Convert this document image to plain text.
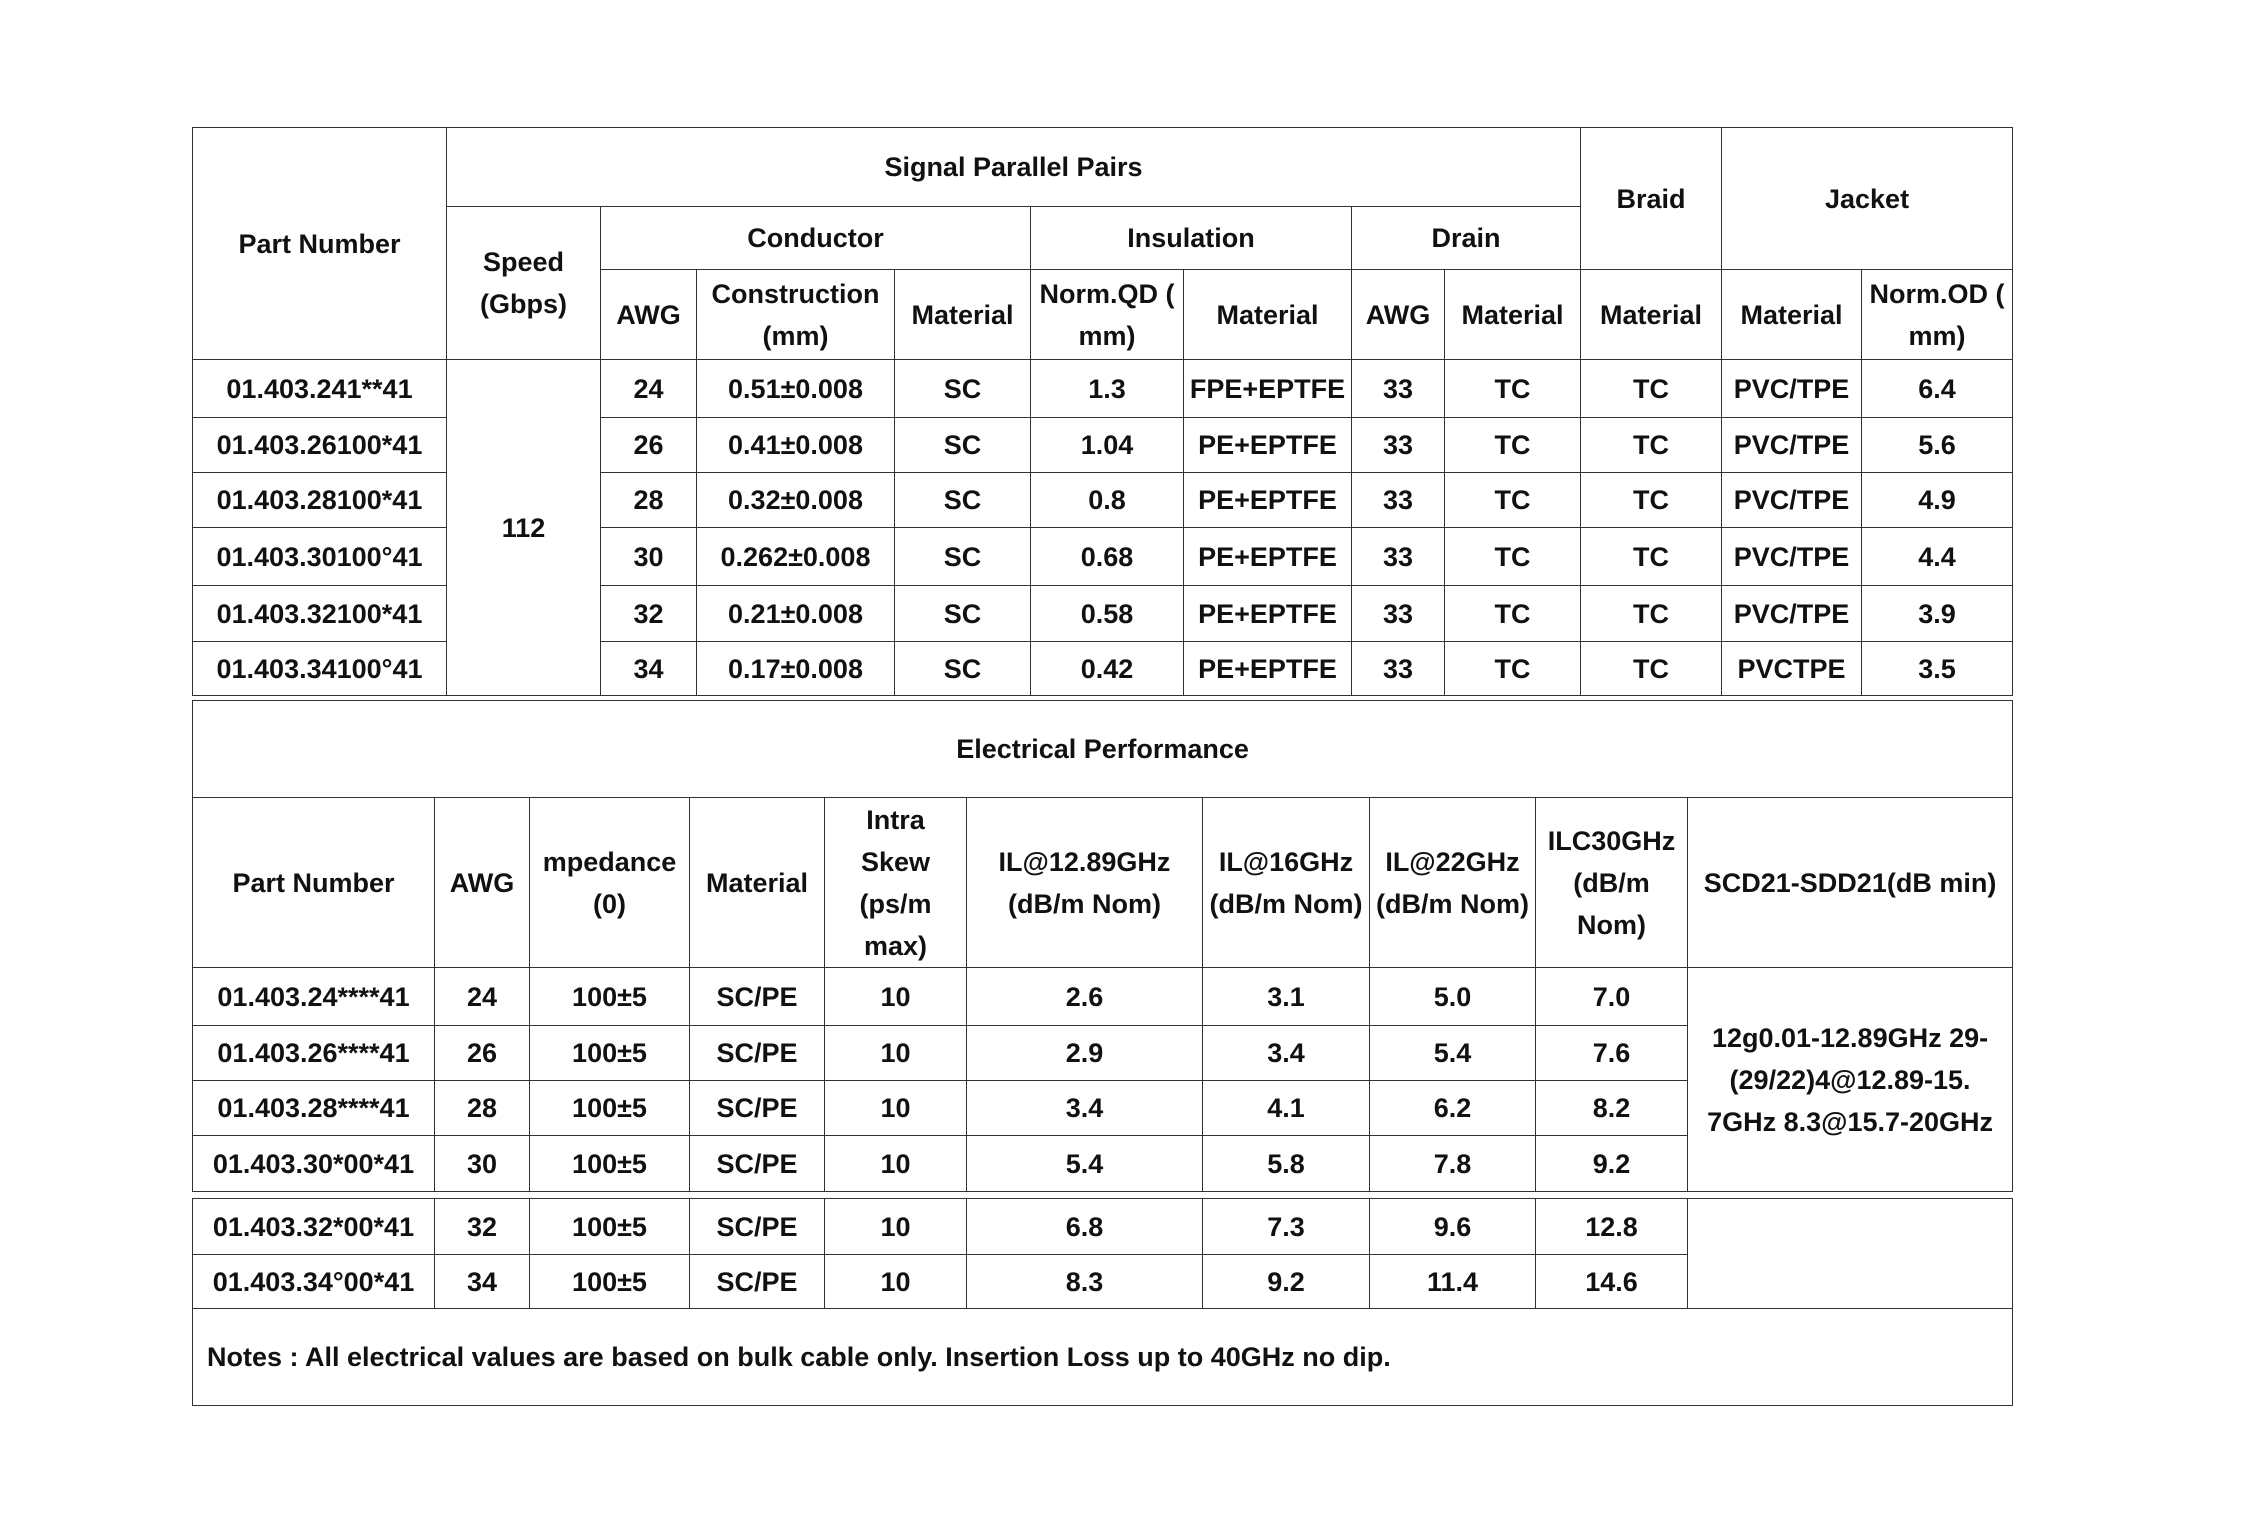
Part Number	Signal Parallel Pairs								Braid	Jacket	
	Speed (Gbps)	Conductor			Insulation		Drain				
		AWG	Construction (mm)	Material	Norm.QD ( mm)	Material	AWG	Material	Material	Material	Norm.OD ( mm)
01.403.241**41	112	24	0.51±0.008	SC	1.3	FPE+EPTFE	33	TC	TC	PVC/TPE	6.4
01.403.26100*41		26	0.41±0.008	SC	1.04	PE+EPTFE	33	TC	TC	PVC/TPE	5.6
01.403.28100*41		28	0.32±0.008	SC	0.8	PE+EPTFE	33	TC	TC	PVC/TPE	4.9
01.403.30100°41		30	0.262±0.008	SC	0.68	PE+EPTFE	33	TC	TC	PVC/TPE	4.4
01.403.32100*41		32	0.21±0.008	SC	0.58	PE+EPTFE	33	TC	TC	PVC/TPE	3.9
01.403.34100°41		34	0.17±0.008	SC	0.42	PE+EPTFE	33	TC	TC	PVCTPE	3.5
Electrical Performance									
Part Number	AWG	mpedance (0)	Material	Intra Skew (ps/m max)	IL@12.89GHz (dB/m Nom)	IL@16GHz (dB/m Nom)	IL@22GHz (dB/m Nom)	ILC30GHz (dB/m Nom)	SCD21-SDD21(dB min)
01.403.24****41	24	100±5	SC/PE	10	2.6	3.1	5.0	7.0	12g0.01-12.89GHz 29-(29/22)4@12.89-15. 7GHz 8.3@15.7-20GHz
01.403.26****41	26	100±5	SC/PE	10	2.9	3.4	5.4	7.6	
01.403.28****41	28	100±5	SC/PE	10	3.4	4.1	6.2	8.2	
01.403.30*00*41	30	100±5	SC/PE	10	5.4	5.8	7.8	9.2	
01.403.32*00*41	32	100±5	SC/PE	10	6.8	7.3	9.6	12.8	
01.403.34°00*41	34	100±5	SC/PE	10	8.3	9.2	11.4	14.6	
Notes : All electrical values are based on bulk cable only. Insertion Loss up to 40GHz no dip.									
